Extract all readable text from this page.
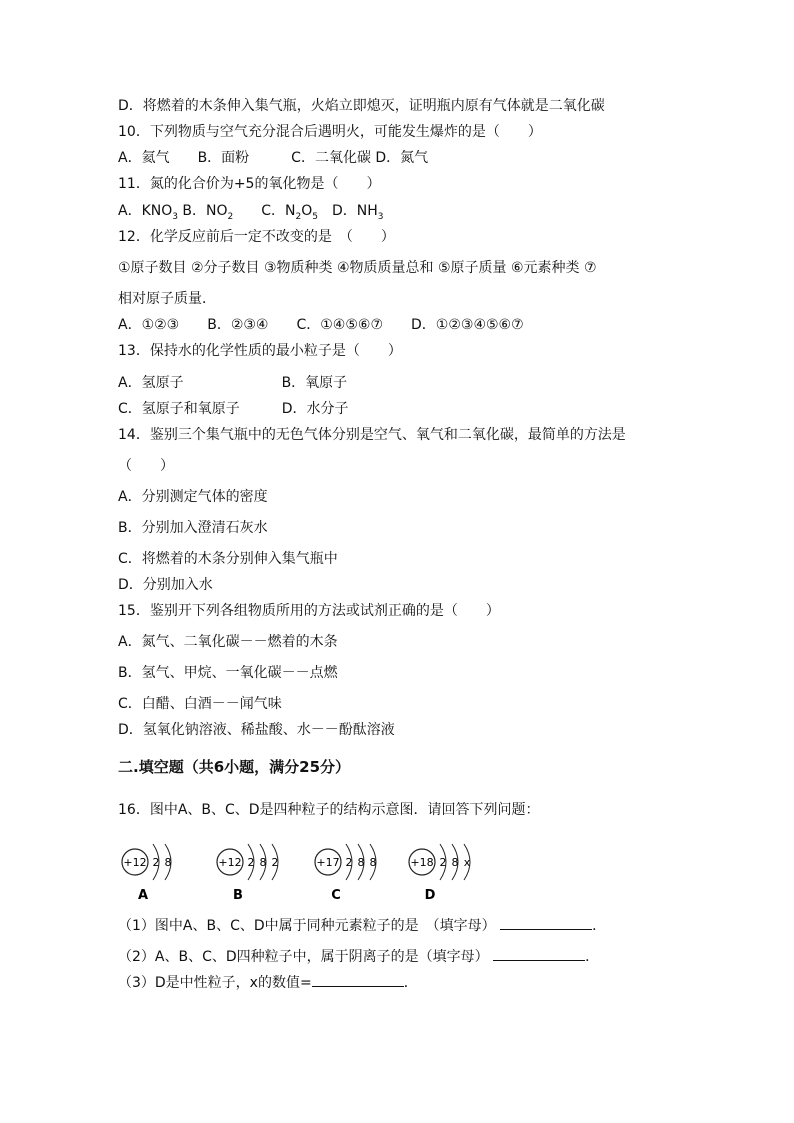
D．将燃着的木条伸入集气瓶，火焰立即熄灭，证明瓶内原有气体就是二氧化碳
10．下列物质与空气充分混合后遇明火，可能发生爆炸的是（　　）
A．氦气　　B．面粉　　　C．二氧化碳 D．氮气
11．氮的化合价为+5的氧化物是（　　）
A．$KNO_3$ B．$NO_2$　　C．$N_2O_5$　D．$NH_3$
12．化学反应前后一定不改变的是　（　　）
①原子数目 ②分子数目 ③物质种类 ④物质质量总和 ⑤原子质量 ⑥元素种类 ⑦
相对原子质量．
A．①②③　　B．②③④　　C．①④⑤⑥⑦　　D．①②③④⑤⑥⑦
13．保持水的化学性质的最小粒子是（　　）
A．氢原子　　　　　　　B．氧原子
C．氢原子和氧原子　　　D．水分子
14．鉴别三个集气瓶中的无色气体分别是空气、氧气和二氧化碳，最简单的方法是
（　　）
A．分别测定气体的密度
B．分别加入澄清石灰水
C．将燃着的木条分别伸入集气瓶中
D．分别加入水
15．鉴别开下列各组物质所用的方法或试剂正确的是（　　）
A．氮气、二氧化碳－－燃着的木条
B．氢气、甲烷、一氧化碳－－点燃
C．白醋、白酒－－闻气味
D．氢氧化钠溶液、稀盐酸、水－－酚酞溶液
二.填空题（共6小题，满分25分）
16．图中A、B、C、D是四种粒子的结构示意图．请回答下列问题：
+12 2 8
A
+12 2 8 2
B
+17 2 8 8
C
+18 2 8 x
D
（1）图中A、B、C、D中属于同种元素粒子的是　（填字母）	．
（2）A、B、C、D四种粒子中，属于阴离子的是（填字母）	．
（3）D是中性粒子，x的数值=	．
